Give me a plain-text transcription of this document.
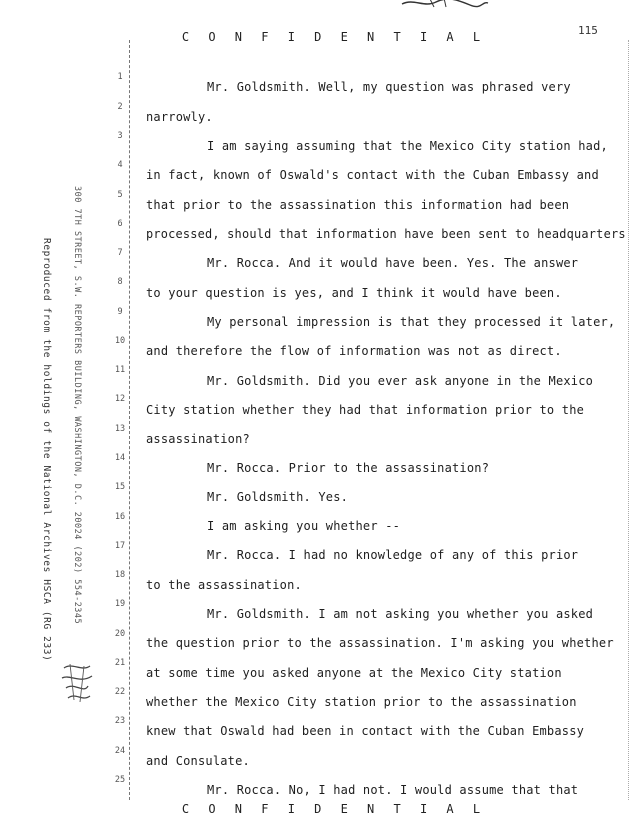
C O N F I D E N T I A L	115
Reproduced from the holdings of the National Archives HSCA (RG 233) 300 7TH STREET, S.W. REPORTERS BUILDING, WASHINGTON, D.C. 20024 (202) 554-2345
1
2
3
4
5
6
7
8
9
10
11
12
13
14
15
16
17
18
19
20
21
22
23
24
25
Mr. Goldsmith. Well, my question was phrased very
narrowly.
I am saying assuming that the Mexico City station had,
in fact, known of Oswald's contact with the Cuban Embassy and
that prior to the assassination this information had been
processed, should that information have been sent to headquarters
Mr. Rocca. And it would have been. Yes. The answer
to your question is yes, and I think it would have been.
My personal impression is that they processed it later,
and therefore the flow of information was not as direct.
Mr. Goldsmith. Did you ever ask anyone in the Mexico
City station whether they had that information prior to the
assassination?
Mr. Rocca. Prior to the assassination?
Mr. Goldsmith. Yes.
I am asking you whether --
Mr. Rocca. I had no knowledge of any of this prior
to the assassination.
Mr. Goldsmith. I am not asking you whether you asked
the question prior to the assassination. I'm asking you whether
at some time you asked anyone at the Mexico City station
whether the Mexico City station prior to the assassination
knew that Oswald had been in contact with the Cuban Embassy
and Consulate.
Mr. Rocca. No, I had not. I would assume that that
C O N F I D E N T I A L
